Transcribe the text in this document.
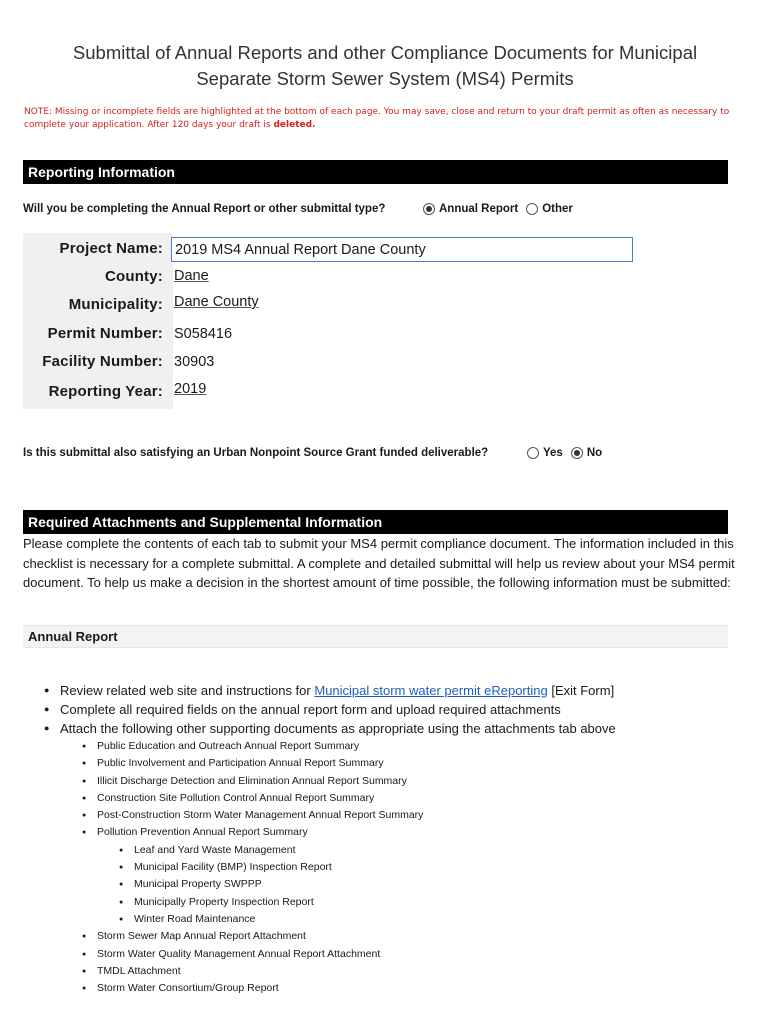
Submittal of Annual Reports and other Compliance Documents for Municipal
Separate Storm Sewer System (MS4) Permits
NOTE: Missing or incomplete fields are highlighted at the bottom of each page. You may save, close and return to your draft permit as often as necessary to complete your application. After 120 days your draft is deleted.
Reporting Information
Will you be completing the Annual Report or other submittal type?	Annual Report Other
Project Name:
2019 MS4 Annual Report Dane County
County: Dane
Municipality: Dane County
Permit Number: S058416
Facility Number: 30903
Reporting Year: 2019
Is this submittal also satisfying an Urban Nonpoint Source Grant funded deliverable?	Yes No
Required Attachments and Supplemental Information
Please complete the contents of each tab to submit your MS4 permit compliance document. The information included in this checklist is necessary for a complete submittal. A complete and detailed submittal will help us review about your MS4 permit document. To help us make a decision in the shortest amount of time possible, the following information must be submitted:
Annual Report
● Review related web site and instructions for Municipal storm water permit eReporting [Exit Form]
● Complete all required fields on the annual report form and upload required attachments
● Attach the following other supporting documents as appropriate using the attachments tab above
● Public Education and Outreach Annual Report Summary
● Public Involvement and Participation Annual Report Summary
● Illicit Discharge Detection and Elimination Annual Report Summary
● Construction Site Pollution Control Annual Report Summary
● Post-Construction Storm Water Management Annual Report Summary
● Pollution Prevention Annual Report Summary
● Leaf and Yard Waste Management
● Municipal Facility (BMP) Inspection Report
● Municipal Property SWPPP
● Municipally Property Inspection Report
● Winter Road Maintenance
● Storm Sewer Map Annual Report Attachment
● Storm Water Quality Management Annual Report Attachment
● TMDL Attachment
● Storm Water Consortium/Group Report
